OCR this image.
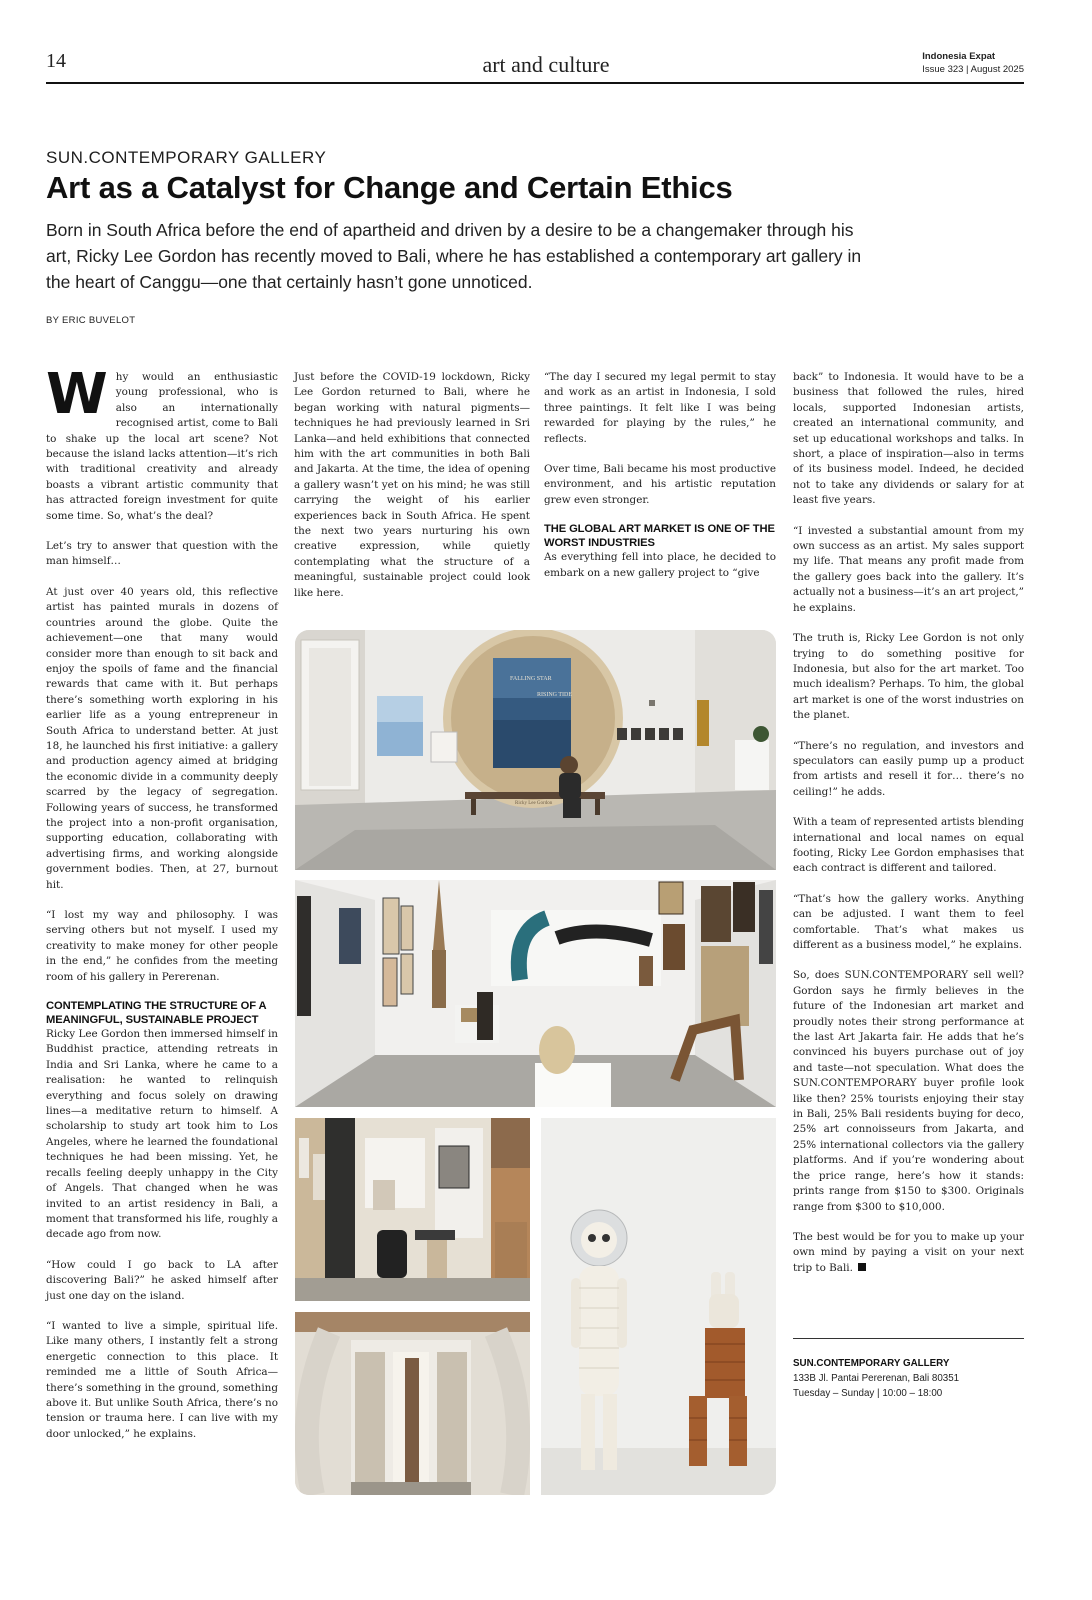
14	art and culture	Indonesia Expat
Issue 323 | August 2025
SUN.CONTEMPORARY GALLERY
Art as a Catalyst for Change and Certain Ethics
Born in South Africa before the end of apartheid and driven by a desire to be a changemaker through his art, Ricky Lee Gordon has recently moved to Bali, where he has established a contemporary art gallery in the heart of Canggu—one that certainly hasn’t gone unnoticed.
BY ERIC BUVELOT

Why would an enthusiastic young professional, who is also an internationally recognised artist, come to Bali to shake up the local art scene? Not because the island lacks attention—it’s rich with traditional creativity and already boasts a vibrant artistic community that has attracted foreign investment for quite some time. So, what’s the deal?

Let’s try to answer that question with the man himself…

At just over 40 years old, this reflective artist has painted murals in dozens of countries around the globe. Quite the achievement—one that many would consider more than enough to sit back and enjoy the spoils of fame and the financial rewards that came with it. But perhaps there’s something worth exploring in his earlier life as a young entrepreneur in South Africa to understand better. At just 18, he launched his first initiative: a gallery and production agency aimed at bridging the economic divide in a community deeply scarred by the legacy of segregation. Following years of success, he transformed the project into a non-profit organisation, supporting education, collaborating with advertising firms, and working alongside government bodies. Then, at 27, burnout hit.

“I lost my way and philosophy. I was serving others but not myself. I used my creativity to make money for other people in the end,” he confides from the meeting room of his gallery in Pererenan.

CONTEMPLATING THE STRUCTURE OF A MEANINGFUL, SUSTAINABLE PROJECT

Ricky Lee Gordon then immersed himself in Buddhist practice, attending retreats in India and Sri Lanka, where he came to a realisation: he wanted to relinquish everything and focus solely on drawing lines—a meditative return to himself. A scholarship to study art took him to Los Angeles, where he learned the foundational techniques he had been missing. Yet, he recalls feeling deeply unhappy in the City of Angels. That changed when he was invited to an artist residency in Bali, a moment that transformed his life, roughly a decade ago from now.

“How could I go back to LA after discovering Bali?” he asked himself after just one day on the island.

“I wanted to live a simple, spiritual life. Like many others, I instantly felt a strong energetic connection to this place. It reminded me a little of South Africa—there’s something in the ground, something above it. But unlike South Africa, there’s no tension or trauma here. I can live with my door unlocked,” he explains.

Just before the COVID-19 lockdown, Ricky Lee Gordon returned to Bali, where he began working with natural pigments—techniques he had previously learned in Sri Lanka—and held exhibitions that connected him with the art communities in both Bali and Jakarta. At the time, the idea of opening a gallery wasn’t yet on his mind; he was still carrying the weight of his earlier experiences back in South Africa. He spent the next two years nurturing his own creative expression, while quietly contemplating what the structure of a meaningful, sustainable project could look like here.

“The day I secured my legal permit to stay and work as an artist in Indonesia, I sold three paintings. It felt like I was being rewarded for playing by the rules,” he reflects.

Over time, Bali became his most productive environment, and his artistic reputation grew even stronger.

THE GLOBAL ART MARKET IS ONE OF THE WORST INDUSTRIES

As everything fell into place, he decided to embark on a new gallery project to “give

back” to Indonesia. It would have to be a business that followed the rules, hired locals, supported Indonesian artists, created an international community, and set up educational workshops and talks. In short, a place of inspiration—also in terms of its business model. Indeed, he decided not to take any dividends or salary for at least five years.

“I invested a substantial amount from my own success as an artist. My sales support my life. That means any profit made from the gallery goes back into the gallery. It’s actually not a business—it’s an art project,” he explains.

The truth is, Ricky Lee Gordon is not only trying to do something positive for Indonesia, but also for the art market. Too much idealism? Perhaps. To him, the global art market is one of the worst industries on the planet.

“There’s no regulation, and investors and speculators can easily pump up a product from artists and resell it for… there’s no ceiling!” he adds.

With a team of represented artists blending international and local names on equal footing, Ricky Lee Gordon emphasises that each contract is different and tailored.

“That’s how the gallery works. Anything can be adjusted. I want them to feel comfortable. That’s what makes us different as a business model,” he explains.

So, does SUN.CONTEMPORARY sell well? Gordon says he firmly believes in the future of the Indonesian art market and proudly notes their strong performance at the last Art Jakarta fair. He adds that he’s convinced his buyers purchase out of joy and taste—not speculation. What does the SUN.CONTEMPORARY buyer profile look like then? 25% tourists enjoying their stay in Bali, 25% Bali residents buying for deco, 25% art connoisseurs from Jakarta, and 25% international collectors via the gallery platforms. And if you’re wondering about the price range, here’s how it stands: prints range from $150 to $300. Originals range from $300 to $10,000.

The best would be for you to make up your own mind by paying a visit on your next trip to Bali.

SUN.CONTEMPORARY GALLERY
133B Jl. Pantai Pererenan, Bali 80351
Tuesday – Sunday | 10:00 – 18:00
FALLING STAR
RISING TIDE
Ricky Lee Gordon
